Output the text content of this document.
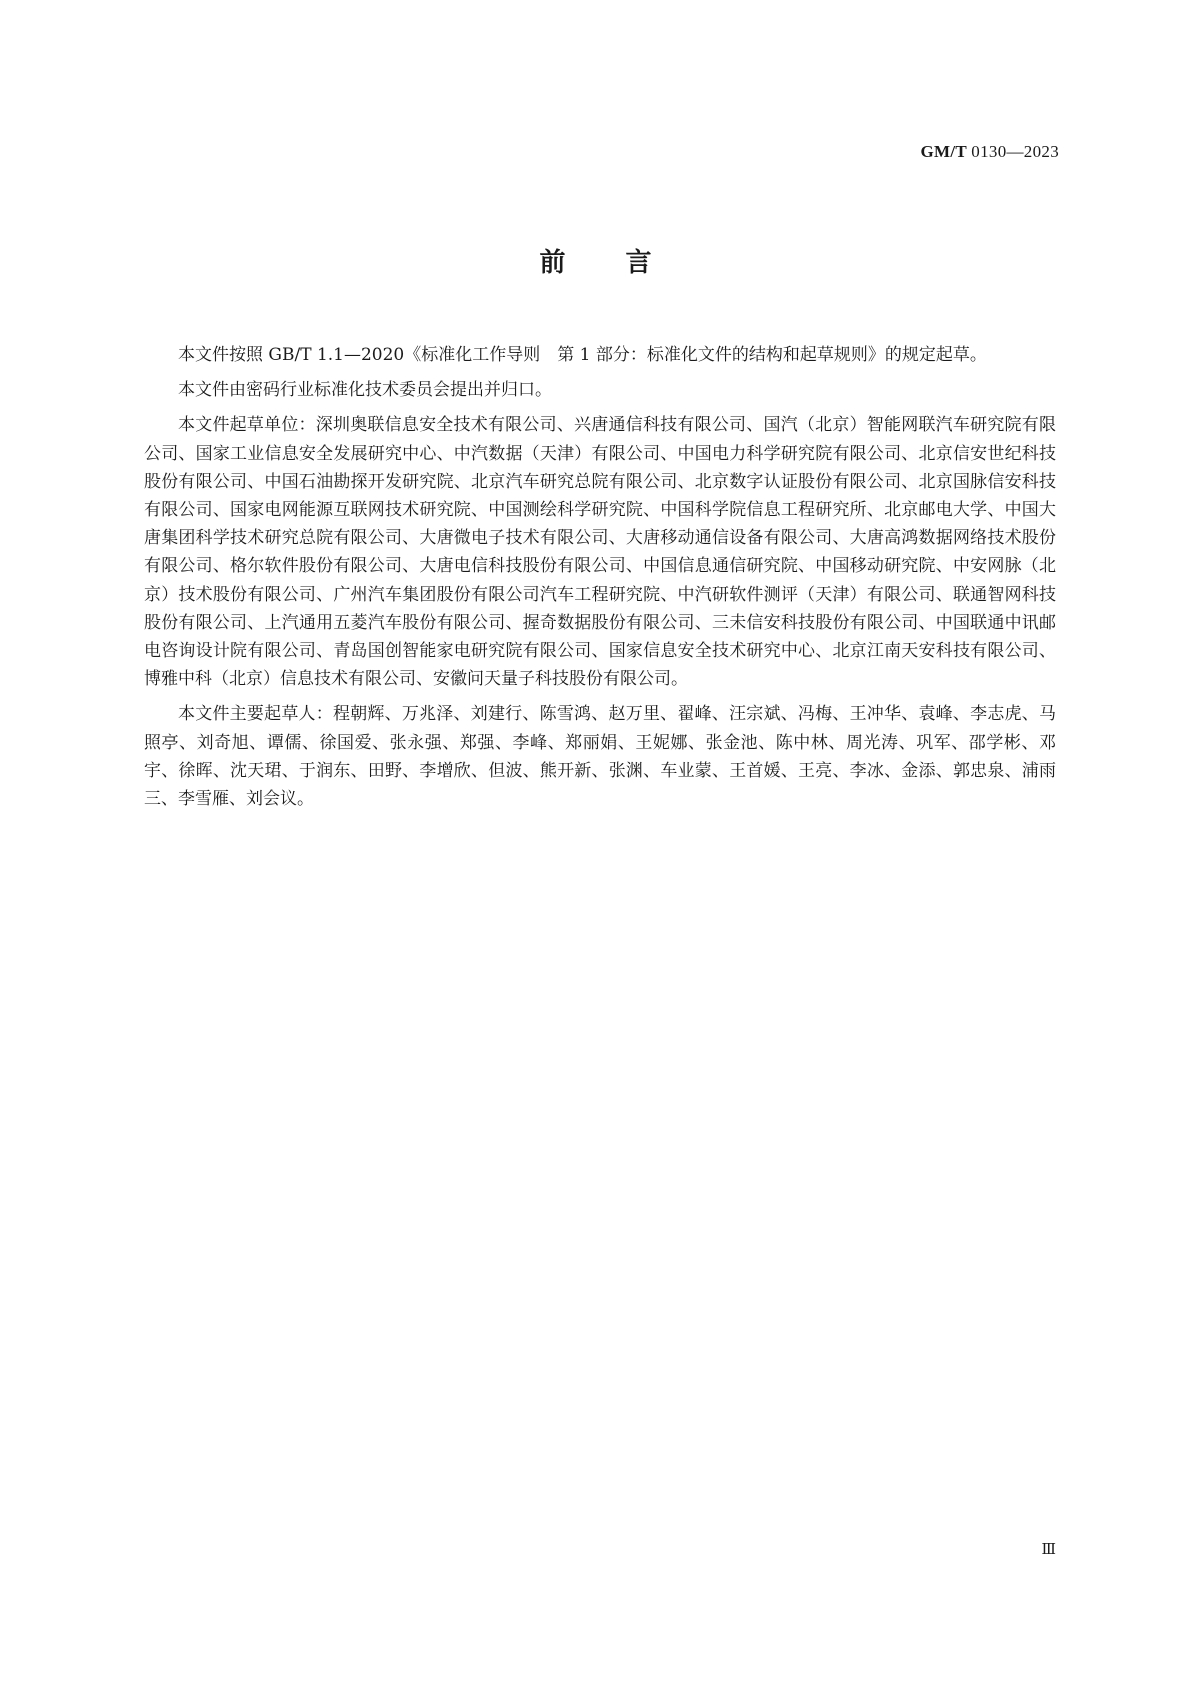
GM/T 0130—2023
前言

本文件按照 GB/T 1.1—2020《标准化工作导则　第 1 部分：标准化文件的结构和起草规则》的规定起草。

本文件由密码行业标准化技术委员会提出并归口。

本文件起草单位：深圳奥联信息安全技术有限公司、兴唐通信科技有限公司、国汽（北京）智能网联汽车研究院有限公司、国家工业信息安全发展研究中心、中汽数据（天津）有限公司、中国电力科学研究院有限公司、北京信安世纪科技股份有限公司、中国石油勘探开发研究院、北京汽车研究总院有限公司、北京数字认证股份有限公司、北京国脉信安科技有限公司、国家电网能源互联网技术研究院、中国测绘科学研究院、中国科学院信息工程研究所、北京邮电大学、中国大唐集团科学技术研究总院有限公司、大唐微电子技术有限公司、大唐移动通信设备有限公司、大唐高鸿数据网络技术股份有限公司、格尔软件股份有限公司、大唐电信科技股份有限公司、中国信息通信研究院、中国移动研究院、中安网脉（北京）技术股份有限公司、广州汽车集团股份有限公司汽车工程研究院、中汽研软件测评（天津）有限公司、联通智网科技股份有限公司、上汽通用五菱汽车股份有限公司、握奇数据股份有限公司、三未信安科技股份有限公司、中国联通中讯邮电咨询设计院有限公司、青岛国创智能家电研究院有限公司、国家信息安全技术研究中心、北京江南天安科技有限公司、博雅中科（北京）信息技术有限公司、安徽问天量子科技股份有限公司。

本文件主要起草人：程朝辉、万兆泽、刘建行、陈雪鸿、赵万里、翟峰、汪宗斌、冯梅、王冲华、袁峰、李志虎、马照亭、刘奇旭、谭儒、徐国爱、张永强、郑强、李峰、郑丽娟、王妮娜、张金池、陈中林、周光涛、巩军、邵学彬、邓宇、徐晖、沈天珺、于润东、田野、李增欣、但波、熊开新、张渊、车业蒙、王首媛、王亮、李冰、金添、郭忠泉、浦雨三、李雪雁、刘会议。

Ⅲ
